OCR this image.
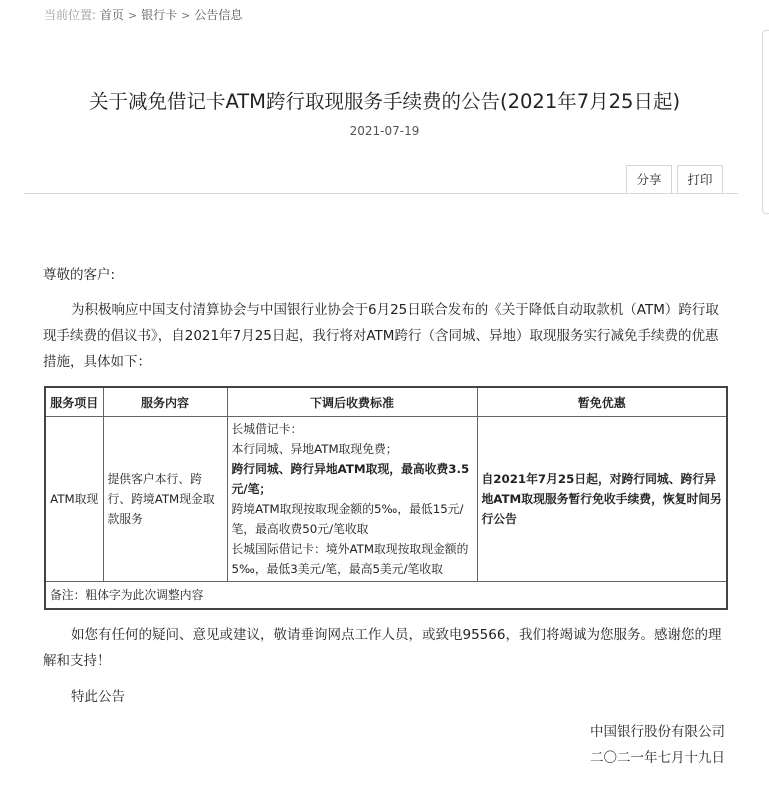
当前位置: 首页 > 银行卡 > 公告信息
关于减免借记卡ATM跨行取现服务手续费的公告(2021年7月25日起)
2021-07-19
分享	打印
尊敬的客户:
为积极响应中国支付清算协会与中国银行业协会于6月25日联合发布的《关于降低自动取款机（ATM）跨行取现手续费的倡议书》，自2021年7月25日起，我行将对ATM跨行（含同城、异地）取现服务实行减免手续费的优惠措施，具体如下：
服务项目	服务内容	下调后收费标准	暂免优惠
ATM取现	提供客户本行、跨行、跨境ATM现金取款服务	长城借记卡：
本行同城、异地ATM取现免费；
跨行同城、跨行异地ATM取现，最高收费3.5元/笔；
跨境ATM取现按取现金额的5‰，最低15元/笔，最高收费50元/笔收取
长城国际借记卡：境外ATM取现按取现金额的5‰，最低3美元/笔，最高5美元/笔收取	自2021年7月25日起，对跨行同城、跨行异地ATM取现服务暂行免收手续费，恢复时间另行公告
备注：粗体字为此次调整内容			
如您有任何的疑问、意见或建议，敬请垂询网点工作人员，或致电95566，我们将竭诚为您服务。感谢您的理解和支持！
特此公告
中国银行股份有限公司
二〇二一年七月十九日
